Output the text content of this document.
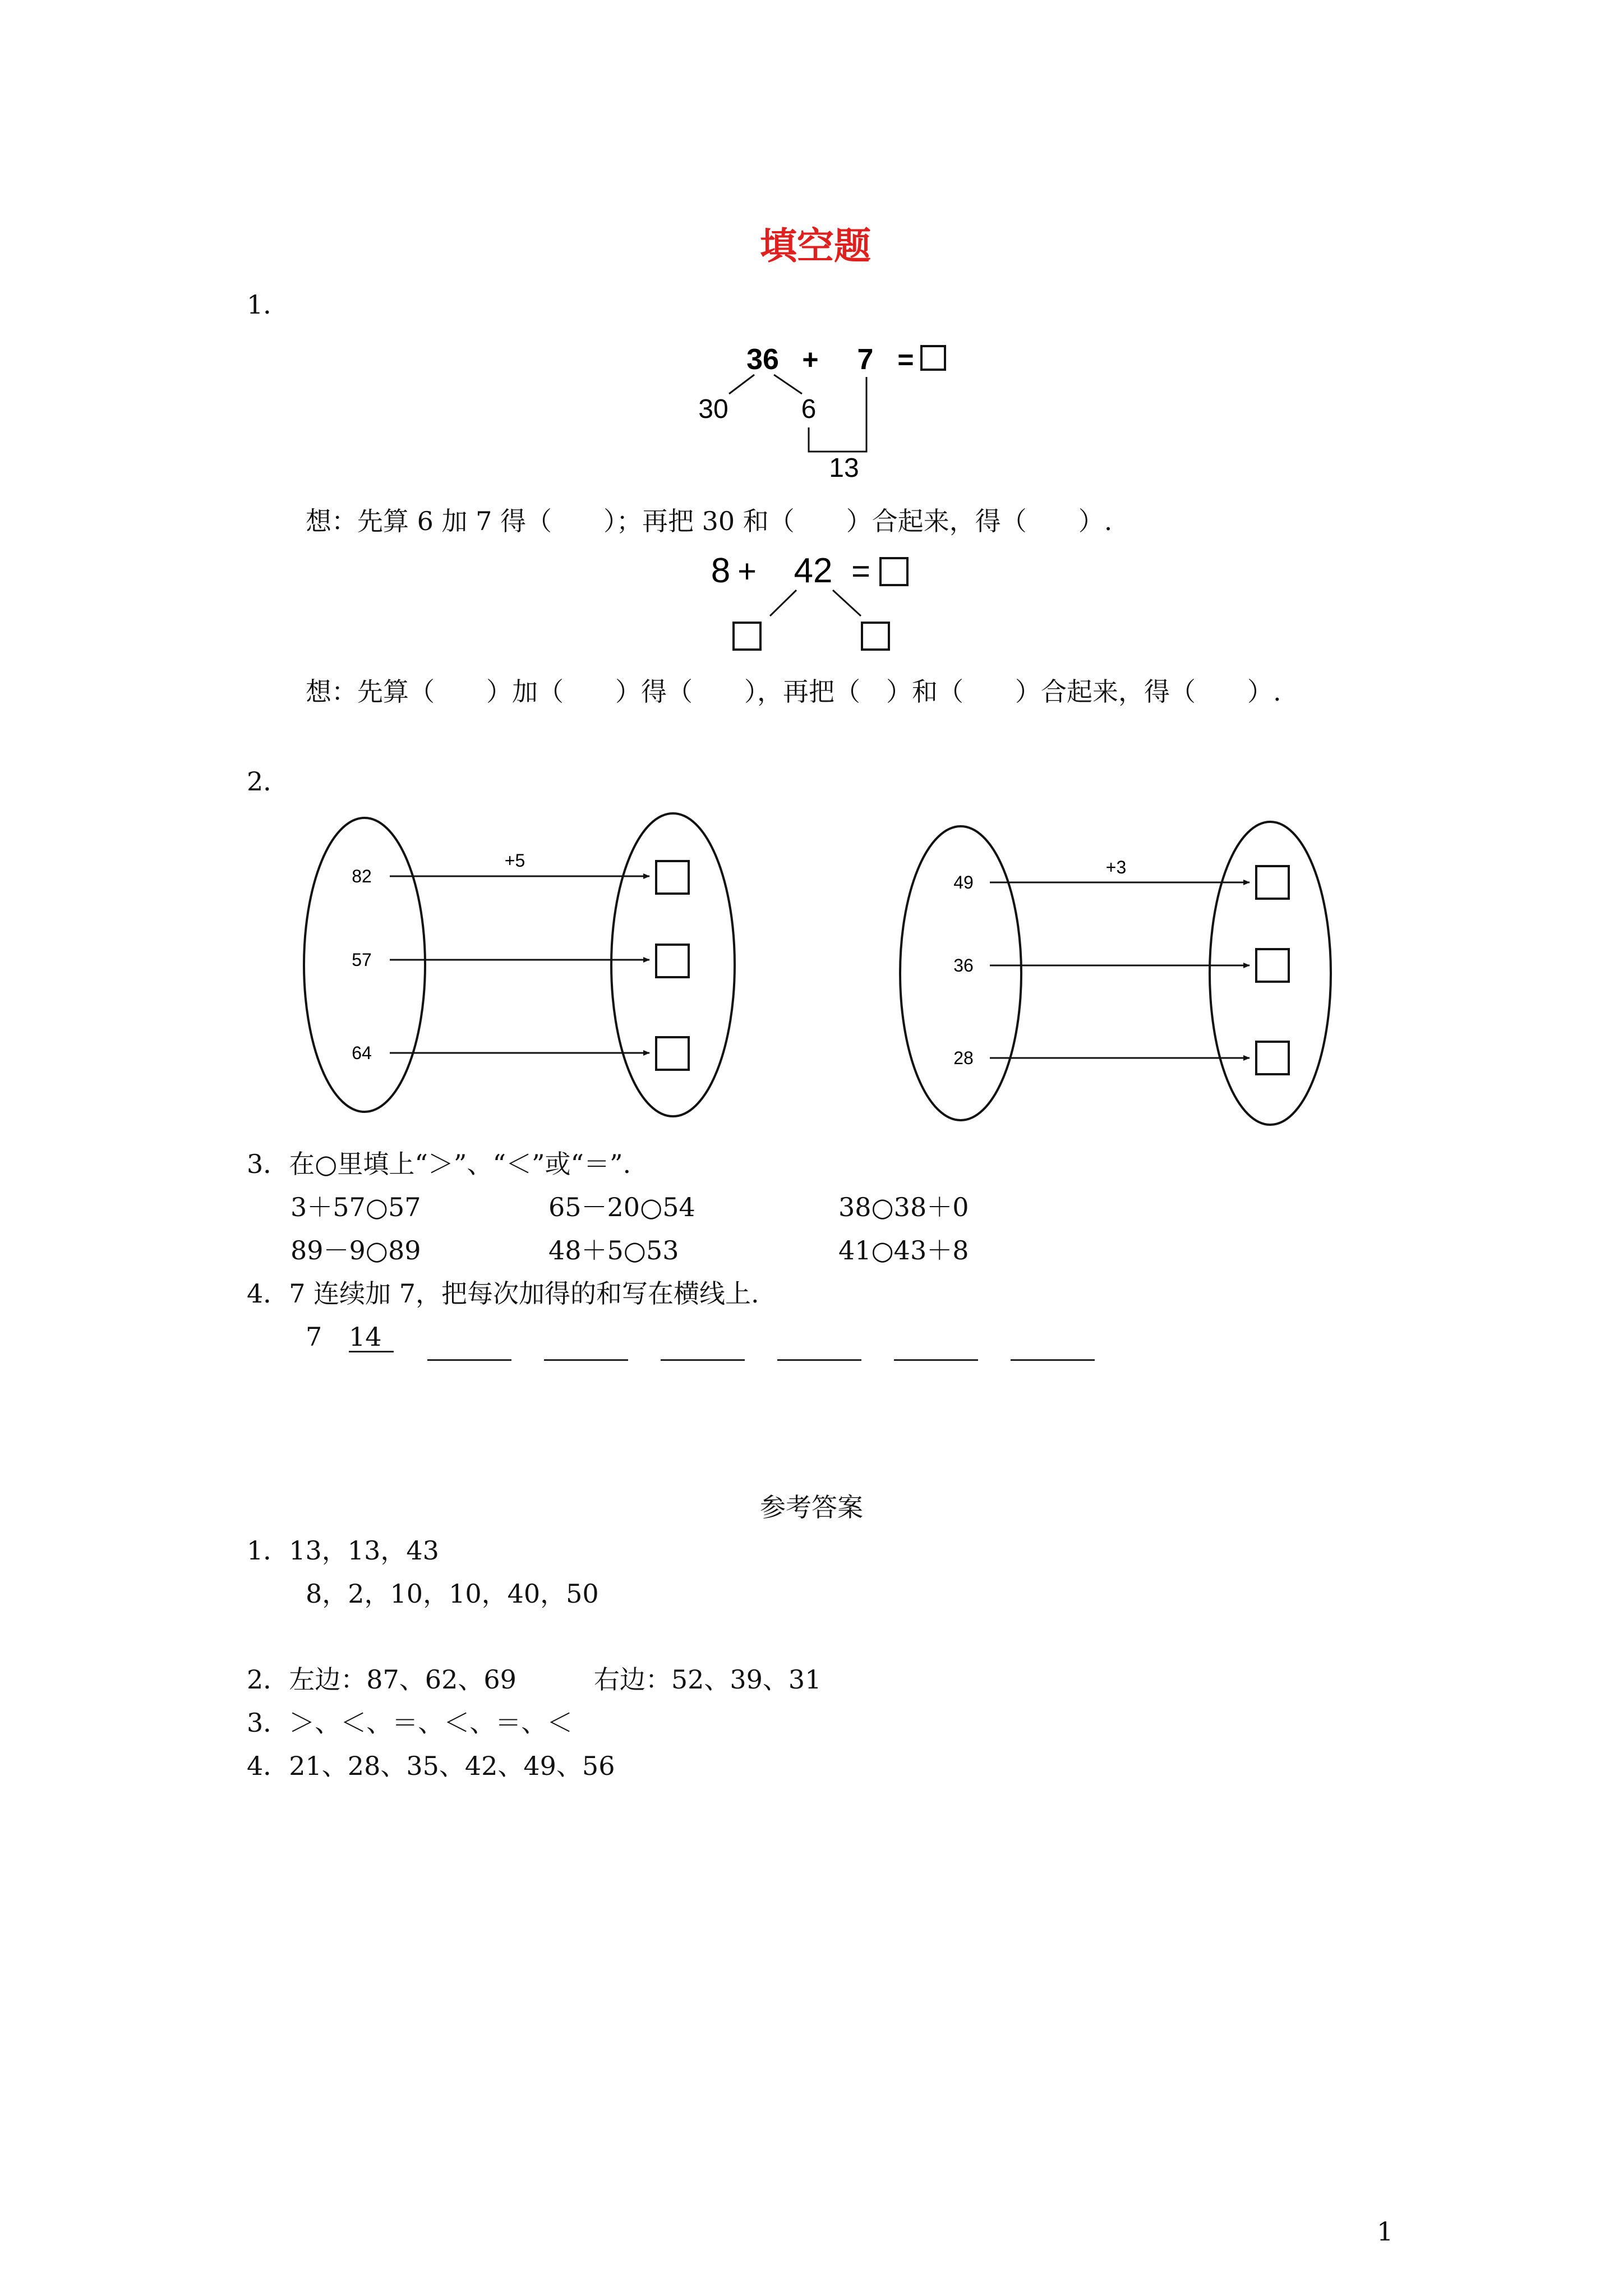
填空题
1．
36 + 7 =
30	6
13
8 + 42 =
想：先算 6 加 7 得（　　）；再把 30 和（　　）合起来，得（　　）.
想：先算（　　）加（　　）得（　　），再把（　）和（　　）合起来，得（　　）.
2．
+5
82
57
64
+3
49
36
28
3．在○里填上“＞”、“＜”或“＝”.
3＋57○57	65－20○54	38○38＋0
89－9○89	48＋5○53	41○43＋8
4．7 连续加 7，把每次加得的和写在横线上.
7 14

参考答案
1．13，13，43
8，2，10，10，40，50
2．左边：87、62、69　　　右边：52、39、31
3．＞、＜、＝、＜、＝、＜
4．21、28、35、42、49、56
1
